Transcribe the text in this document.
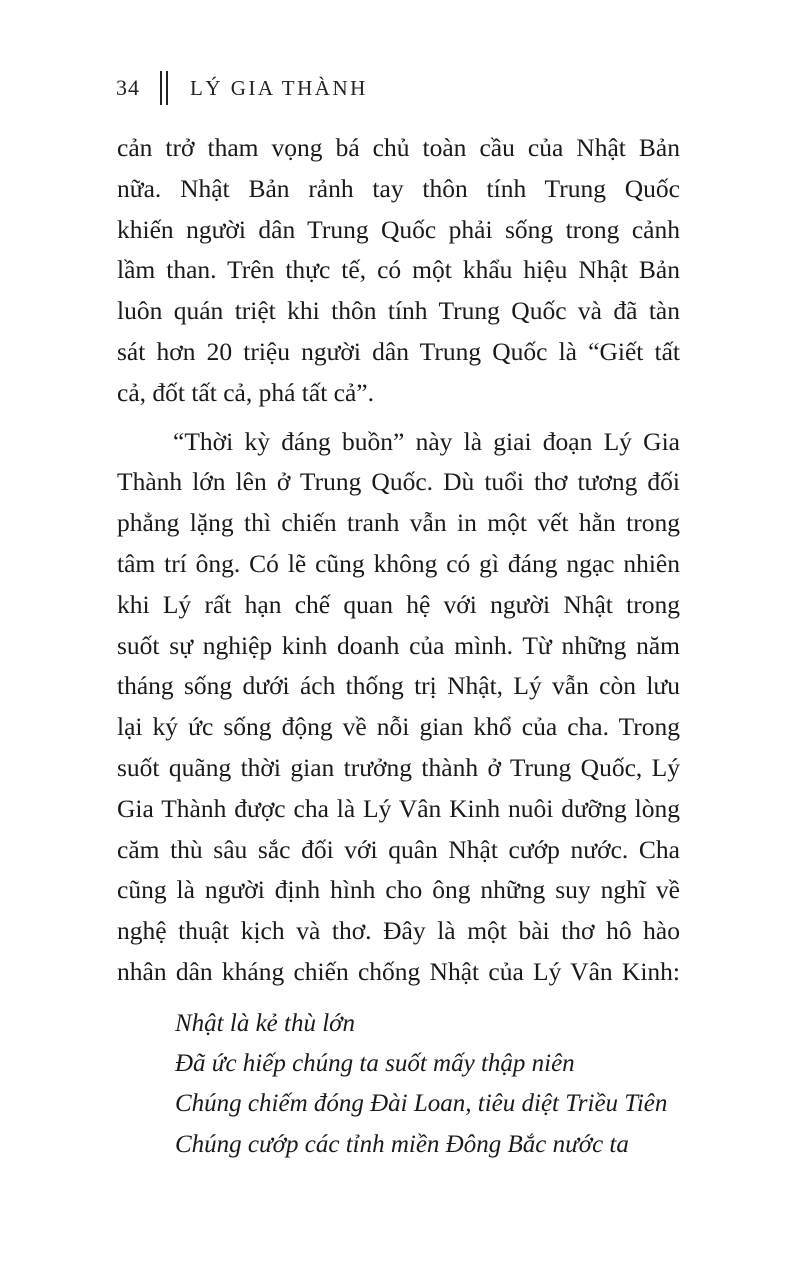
34 LÝ GIA THÀNH
cản trở tham vọng bá chủ toàn cầu của Nhật Bản
nữa. Nhật Bản rảnh tay thôn tính Trung Quốc
khiến người dân Trung Quốc phải sống trong cảnh
lầm than. Trên thực tế, có một khẩu hiệu Nhật Bản
luôn quán triệt khi thôn tính Trung Quốc và đã tàn
sát hơn 20 triệu người dân Trung Quốc là “Giết tất
cả, đốt tất cả, phá tất cả”.
“Thời kỳ đáng buồn” này là giai đoạn Lý Gia
Thành lớn lên ở Trung Quốc. Dù tuổi thơ tương đối
phẳng lặng thì chiến tranh vẫn in một vết hằn trong
tâm trí ông. Có lẽ cũng không có gì đáng ngạc nhiên
khi Lý rất hạn chế quan hệ với người Nhật trong
suốt sự nghiệp kinh doanh của mình. Từ những năm
tháng sống dưới ách thống trị Nhật, Lý vẫn còn lưu
lại ký ức sống động về nỗi gian khổ của cha. Trong
suốt quãng thời gian trưởng thành ở Trung Quốc, Lý
Gia Thành được cha là Lý Vân Kinh nuôi dưỡng lòng
căm thù sâu sắc đối với quân Nhật cướp nước. Cha
cũng là người định hình cho ông những suy nghĩ về
nghệ thuật kịch và thơ. Đây là một bài thơ hô hào
nhân dân kháng chiến chống Nhật của Lý Vân Kinh:
Nhật là kẻ thù lớn
Đã ức hiếp chúng ta suốt mấy thập niên
Chúng chiếm đóng Đài Loan, tiêu diệt Triều Tiên
Chúng cướp các tỉnh miền Đông Bắc nước ta
